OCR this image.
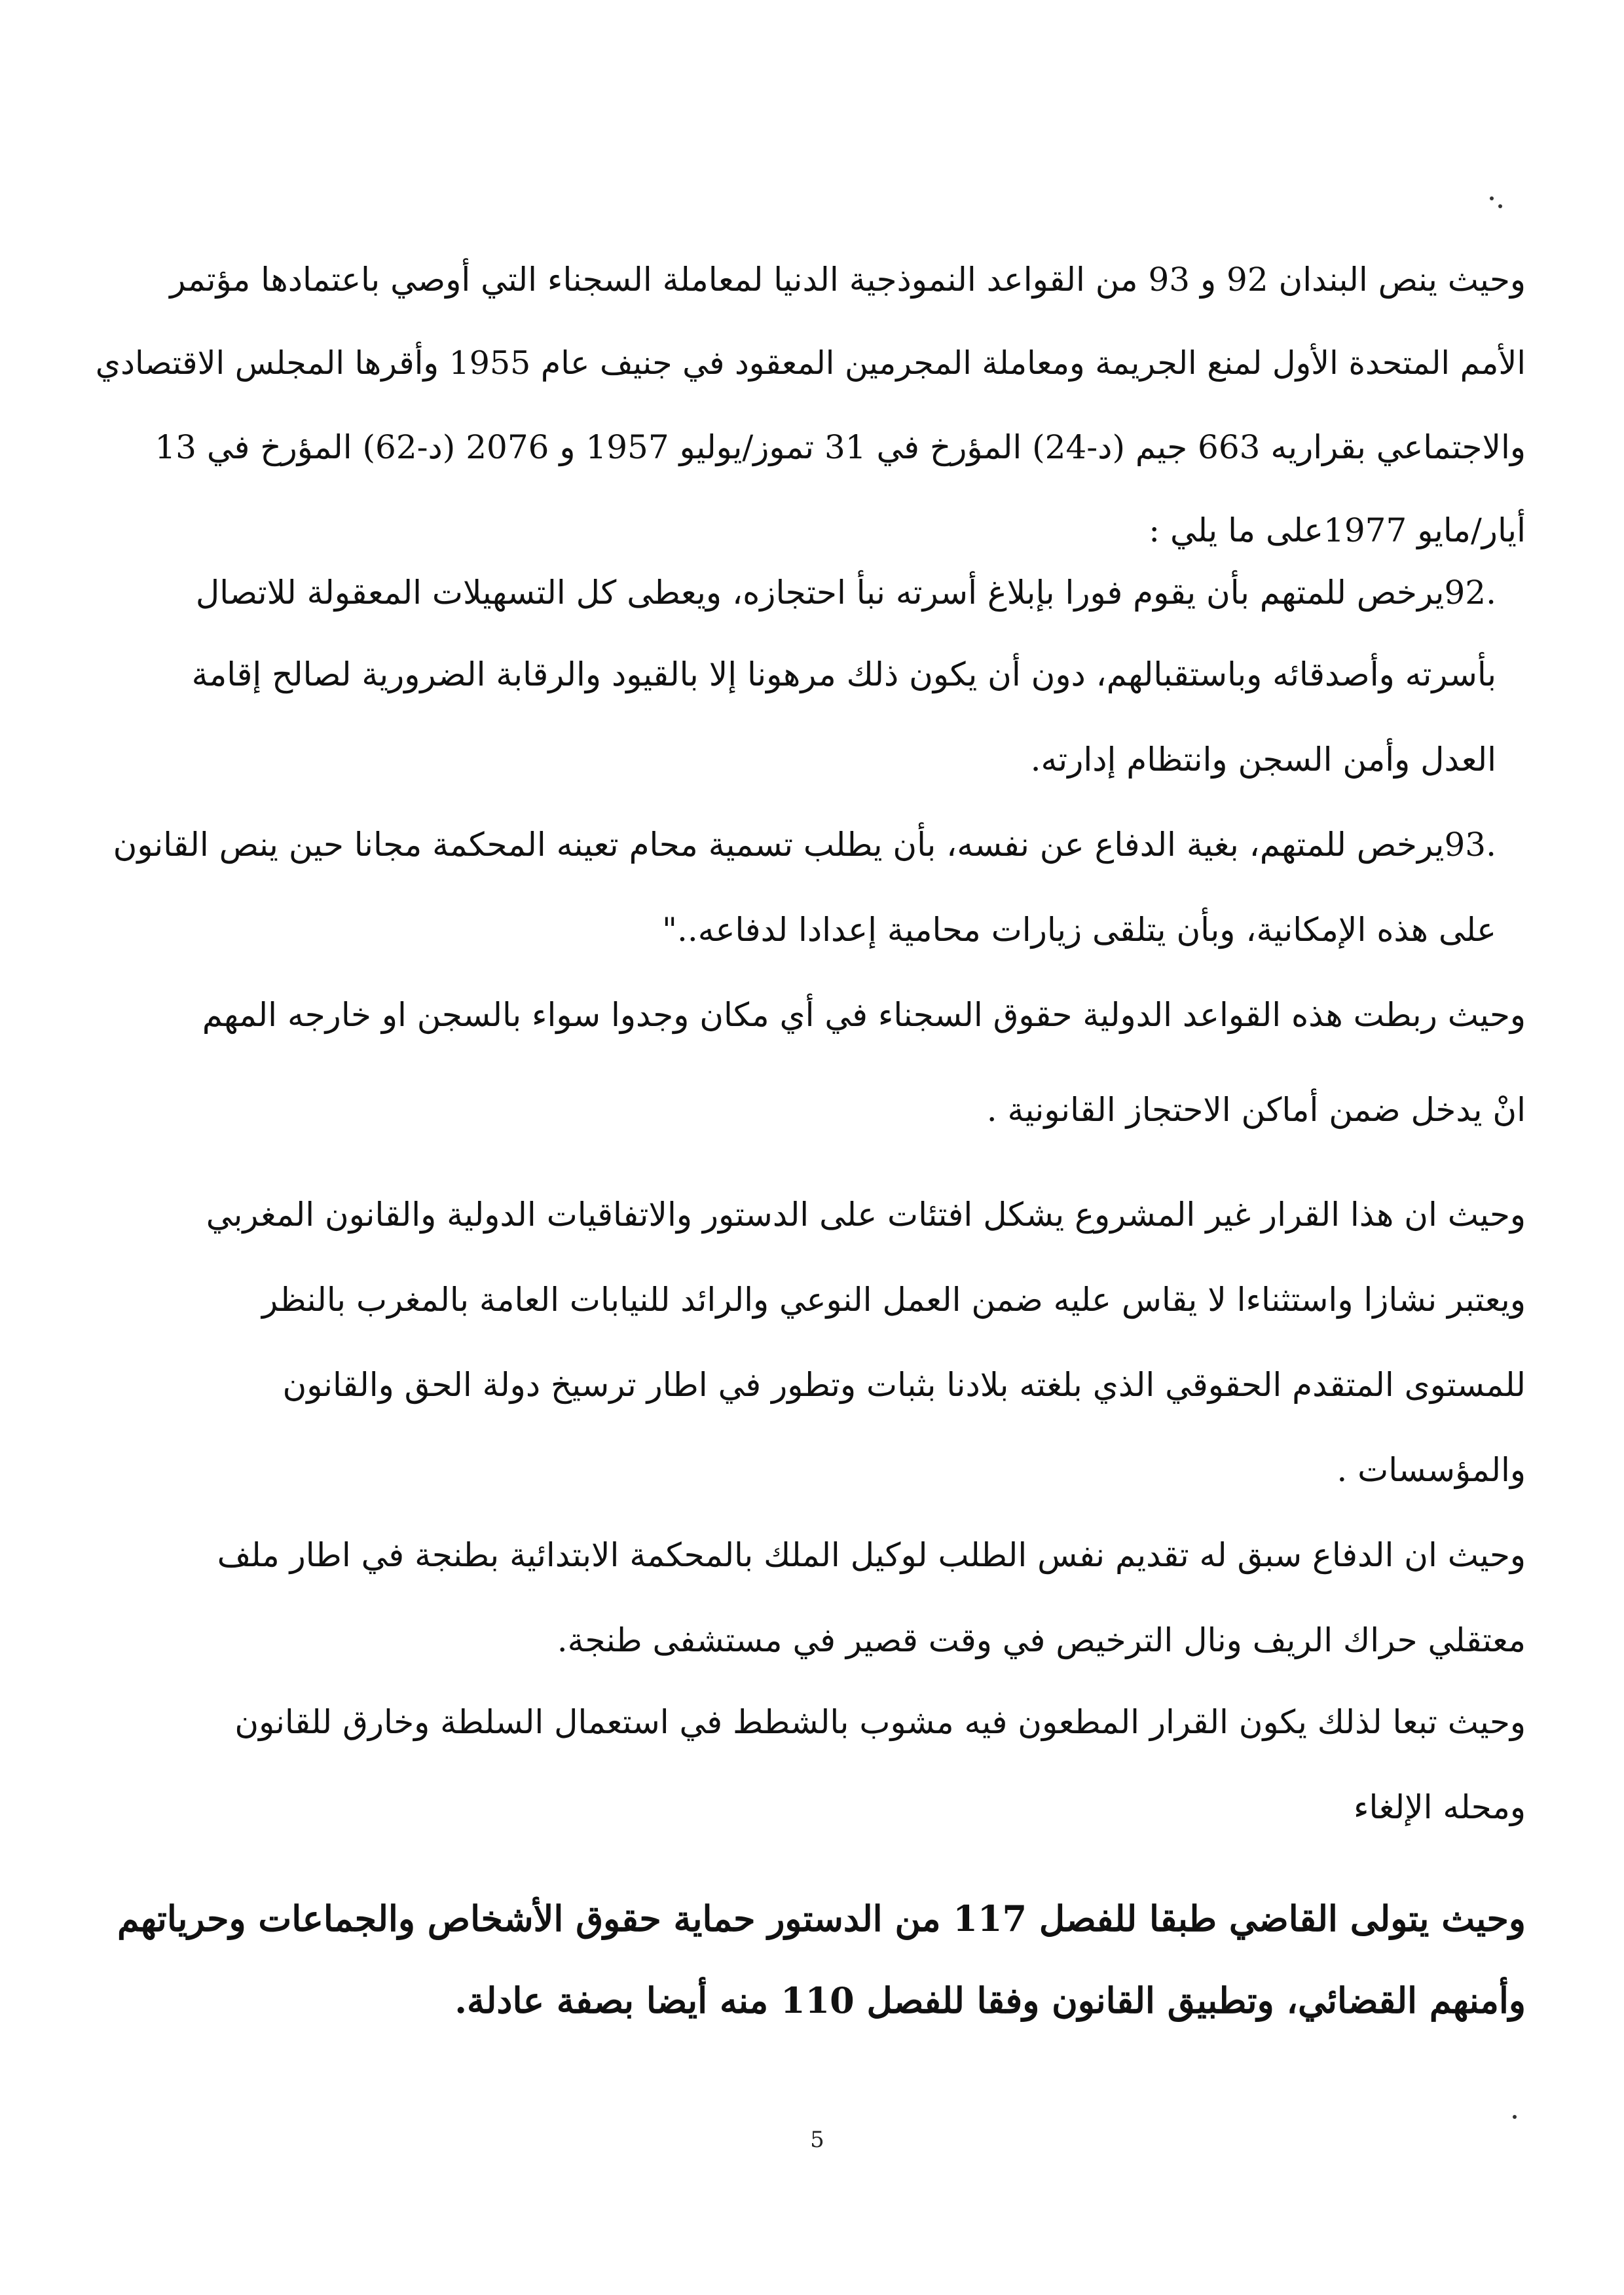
وحيث ينص البندان 92 و 93 من القواعد النموذجية الدنيا لمعاملة السجناء التي أوصي باعتمادها مؤتمر
الأمم المتحدة الأول لمنع الجريمة ومعاملة المجرمين المعقود في جنيف عام 1955 وأقرها المجلس الاقتصادي
والاجتماعي بقراريه 663 جيم (د-24) المؤرخ في 31 تموز/يوليو 1957 و 2076 (د-62) المؤرخ في 13
أيار/مايو 1977على ما يلي :
.92يرخص للمتهم بأن يقوم فورا بإبلاغ أسرته نبأ احتجازه، ويعطى كل التسهيلات المعقولة للاتصال
بأسرته وأصدقائه وباستقبالهم، دون أن يكون ذلك مرهونا إلا بالقيود والرقابة الضرورية لصالح إقامة
العدل وأمن السجن وانتظام إدارته.
.93يرخص للمتهم، بغية الدفاع عن نفسه، بأن يطلب تسمية محام تعينه المحكمة مجانا حين ينص القانون
على هذه الإمكانية، وبأن يتلقى زيارات محامية إعدادا لدفاعه.."
وحيث ربطت هذه القواعد الدولية حقوق السجناء في أي مكان وجدوا سواء بالسجن او خارجه المهم
انْ يدخل ضمن أماكن الاحتجاز القانونية .
وحيث ان هذا القرار غير المشروع يشكل افتئات على الدستور والاتفاقيات الدولية والقانون المغربي
ويعتبر نشازا واستثناءا لا يقاس عليه ضمن العمل النوعي والرائد للنيابات العامة بالمغرب بالنظر
للمستوى المتقدم الحقوقي الذي بلغته بلادنا بثبات وتطور في اطار ترسيخ دولة الحق والقانون
والمؤسسات .
وحيث ان الدفاع سبق له تقديم نفس الطلب لوكيل الملك بالمحكمة الابتدائية بطنجة في اطار ملف
معتقلي حراك الريف ونال الترخيص في وقت قصير في مستشفى طنجة.
وحيث تبعا لذلك يكون القرار المطعون فيه مشوب بالشطط في استعمال السلطة وخارق للقانون
ومحله الإلغاء
وحيث يتولى القاضي طبقا للفصل 117 من الدستور حماية حقوق الأشخاص والجماعات وحرياتهم
وأمنهم القضائي، وتطبيق القانون وفقا للفصل 110 منه أيضا بصفة عادلة.
5
